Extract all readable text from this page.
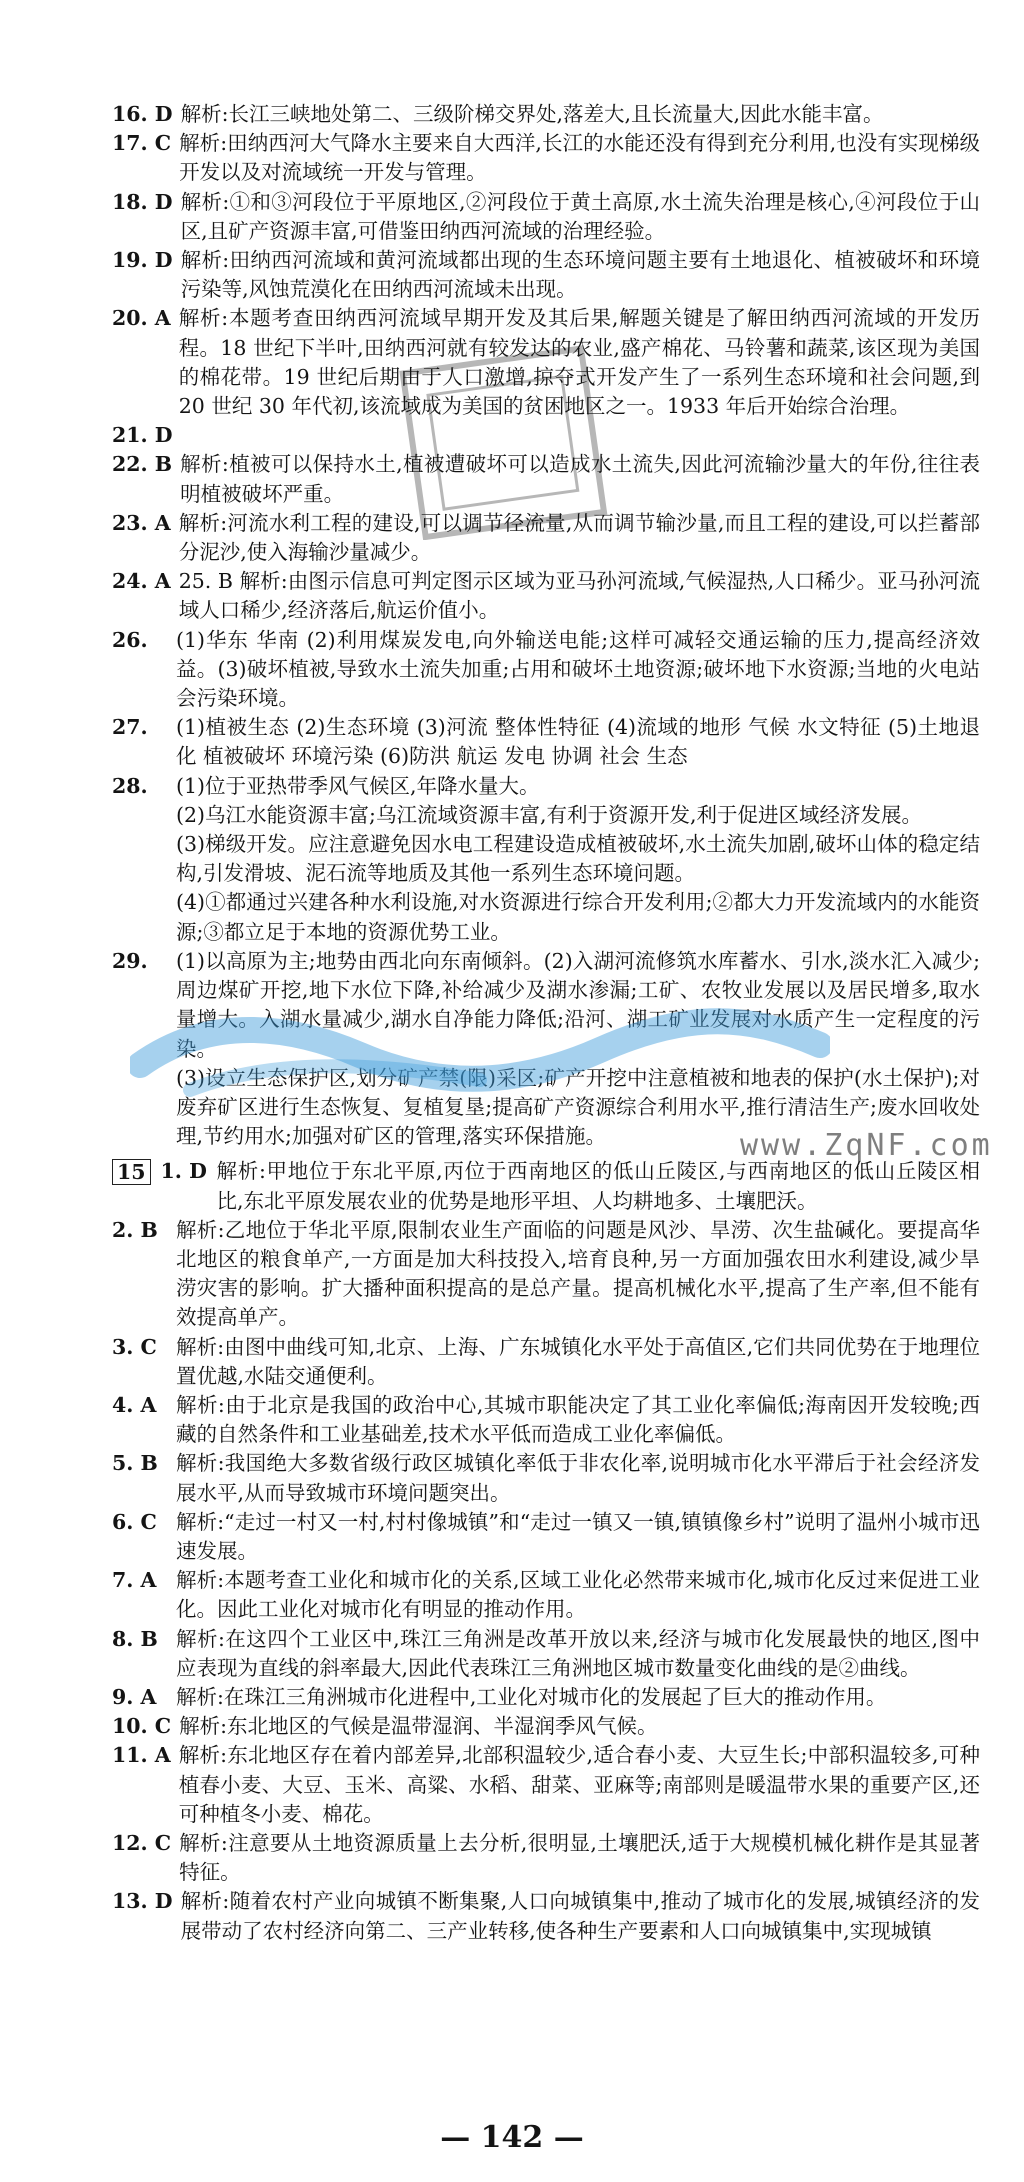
16. D 解析:长江三峡地处第二、三级阶梯交界处,落差大,且长流量大,因此水能丰富。
17. C 解析:田纳西河大气降水主要来自大西洋,长江的水能还没有得到充分利用,也没有实现梯级开发以及对流域统一开发与管理。
18. D 解析:①和③河段位于平原地区,②河段位于黄土高原,水土流失治理是核心,④河段位于山区,且矿产资源丰富,可借鉴田纳西河流域的治理经验。
19. D 解析:田纳西河流域和黄河流域都出现的生态环境问题主要有土地退化、植被破坏和环境污染等,风蚀荒漠化在田纳西河流域未出现。
20. A 解析:本题考查田纳西河流域早期开发及其后果,解题关键是了解田纳西河流域的开发历程。18 世纪下半叶,田纳西河就有较发达的农业,盛产棉花、马铃薯和蔬菜,该区现为美国的棉花带。19 世纪后期由于人口激增,掠夺式开发产生了一系列生态环境和社会问题,到 20 世纪 30 年代初,该流域成为美国的贫困地区之一。1933 年后开始综合治理。
21. D
22. B 解析:植被可以保持水土,植被遭破坏可以造成水土流失,因此河流输沙量大的年份,往往表明植被破坏严重。
23. A 解析:河流水利工程的建设,可以调节径流量,从而调节输沙量,而且工程的建设,可以拦蓄部分泥沙,使入海输沙量减少。
24. A 25. B 解析:由图示信息可判定图示区域为亚马孙河流域,气候湿热,人口稀少。亚马孙河流域人口稀少,经济落后,航运价值小。
26.	(1)华东 华南 (2)利用煤炭发电,向外输送电能;这样可减轻交通运输的压力,提高经济效益。(3)破坏植被,导致水土流失加重;占用和破坏土地资源;破坏地下水资源;当地的火电站会污染环境。
27.	(1)植被生态 (2)生态环境 (3)河流 整体性特征 (4)流域的地形 气候 水文特征 (5)土地退化 植被破坏 环境污染 (6)防洪 航运 发电 协调 社会 生态
28.	(1)位于亚热带季风气候区,年降水量大。

(2)乌江水能资源丰富;乌江流域资源丰富,有利于资源开发,利于促进区域经济发展。

(3)梯级开发。应注意避免因水电工程建设造成植被破坏,水土流失加剧,破坏山体的稳定结构,引发滑坡、泥石流等地质及其他一系列生态环境问题。

(4)①都通过兴建各种水利设施,对水资源进行综合开发利用;②都大力开发流域内的水能资源;③都立足于本地的资源优势工业。

29.	(1)以高原为主;地势由西北向东南倾斜。(2)入湖河流修筑水库蓄水、引水,淡水汇入减少;周边煤矿开挖,地下水位下降,补给减少及湖水渗漏;工矿、农牧业发展以及居民增多,取水量增大。入湖水量减少,湖水自净能力降低;沿河、湖工矿业发展对水质产生一定程度的污染。

(3)设立生态保护区,划分矿产禁(限)采区;矿产开挖中注意植被和地表的保护(水土保护);对废弃矿区进行生态恢复、复植复垦;提高矿产资源综合利用水平,推行清洁生产;废水回收处理,节约用水;加强对矿区的管理,落实环保措施。

15 1. D 解析:甲地位于东北平原,丙位于西南地区的低山丘陵区,与西南地区的低山丘陵区相比,东北平原发展农业的优势是地形平坦、人均耕地多、土壤肥沃。
2. B 解析:乙地位于华北平原,限制农业生产面临的问题是风沙、旱涝、次生盐碱化。要提高华北地区的粮食单产,一方面是加大科技投入,培育良种,另一方面加强农田水利建设,减少旱涝灾害的影响。扩大播种面积提高的是总产量。提高机械化水平,提高了生产率,但不能有效提高单产。
3. C 解析:由图中曲线可知,北京、上海、广东城镇化水平处于高值区,它们共同优势在于地理位置优越,水陆交通便利。
4. A 解析:由于北京是我国的政治中心,其城市职能决定了其工业化率偏低;海南因开发较晚;西藏的自然条件和工业基础差,技术水平低而造成工业化率偏低。
5. B 解析:我国绝大多数省级行政区城镇化率低于非农化率,说明城市化水平滞后于社会经济发展水平,从而导致城市环境问题突出。
6. C 解析:“走过一村又一村,村村像城镇”和“走过一镇又一镇,镇镇像乡村”说明了温州小城市迅速发展。
7. A 解析:本题考查工业化和城市化的关系,区域工业化必然带来城市化,城市化反过来促进工业化。因此工业化对城市化有明显的推动作用。
8. B 解析:在这四个工业区中,珠江三角洲是改革开放以来,经济与城市化发展最快的地区,图中应表现为直线的斜率最大,因此代表珠江三角洲地区城市数量变化曲线的是②曲线。
9. A 解析:在珠江三角洲城市化进程中,工业化对城市化的发展起了巨大的推动作用。
10. C 解析:东北地区的气候是温带湿润、半湿润季风气候。
11. A 解析:东北地区存在着内部差异,北部积温较少,适合春小麦、大豆生长;中部积温较多,可种植春小麦、大豆、玉米、高粱、水稻、甜菜、亚麻等;南部则是暖温带水果的重要产区,还可种植冬小麦、棉花。
12. C 解析:注意要从土地资源质量上去分析,很明显,土壤肥沃,适于大规模机械化耕作是其显著特征。
13. D 解析:随着农村产业向城镇不断集聚,人口向城镇集中,推动了城市化的发展,城镇经济的发展带动了农村经济向第二、三产业转移,使各种生产要素和人口向城镇集中,实现城镇
www.ZqNF.com
— 142 —
